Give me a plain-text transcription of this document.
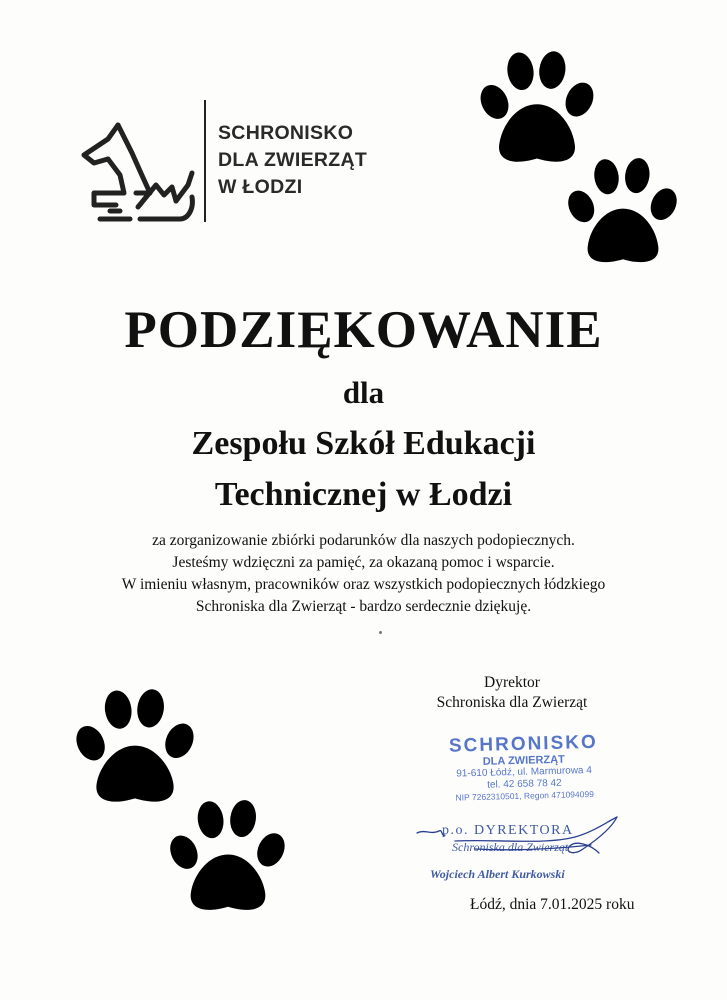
SCHRONISKO
DLA ZWIERZĄT
W ŁODZI
PODZIĘKOWANIE
dla
Zespołu Szkół Edukacji
Technicznej w Łodzi
za zorganizowanie zbiórki podarunków dla naszych podopiecznych.
Jesteśmy wdzięczni za pamięć, za okazaną pomoc i wsparcie.
W imieniu własnym, pracowników oraz wszystkich podopiecznych łódzkiego
Schroniska dla Zwierząt - bardzo serdecznie dziękuję.
Dyrektor
Schroniska dla Zwierząt
SCHRONISKO
DLA ZWIERZĄT
91-610 Łódź, ul. Marmurowa 4
tel. 42 658 78 42
NIP 7262310501, Regon 471094099
p.o. DYREKTORA
Schroniska dla Zwierząt
Wojciech Albert Kurkowski
Łódź, dnia 7.01.2025 roku
